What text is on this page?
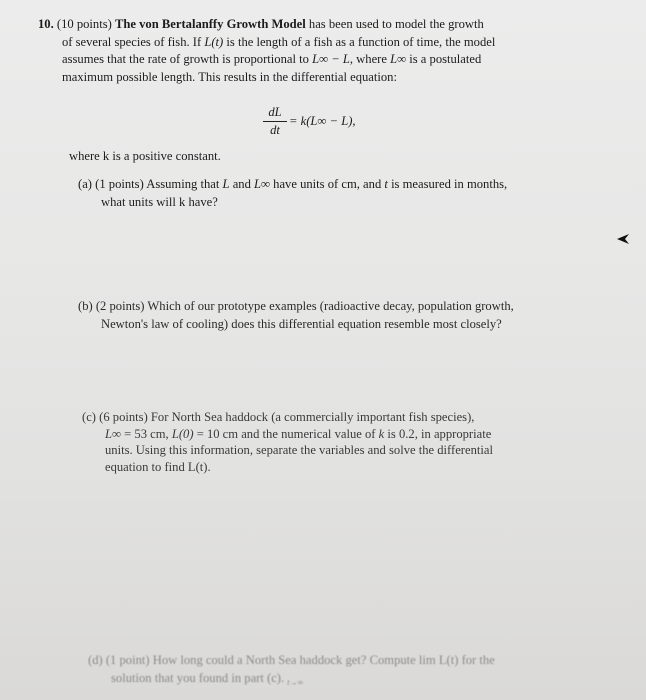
10. (10 points) The von Bertalanffy Growth Model has been used to model the growth
of several species of fish. If L(t) is the length of a fish as a function of time, the model
assumes that the rate of growth is proportional to L∞ − L, where L∞ is a postulated
maximum possible length. This results in the differential equation:
dL
dt
= k(L∞ − L),
where k is a positive constant.
(a) (1 points) Assuming that L and L∞ have units of cm, and t is measured in months,
what units will k have?
(b) (2 points) Which of our prototype examples (radioactive decay, population growth,
Newton's law of cooling) does this differential equation resemble most closely?
(c) (6 points) For North Sea haddock (a commercially important fish species),
L∞ = 53 cm, L(0) = 10 cm and the numerical value of k is 0.2, in appropriate
units. Using this information, separate the variables and solve the differential
equation to find L(t).
(d) (1 point) How long could a North Sea haddock get? Compute lim L(t) for the
solution that you found in part (c). $_{t\to\infty}$
